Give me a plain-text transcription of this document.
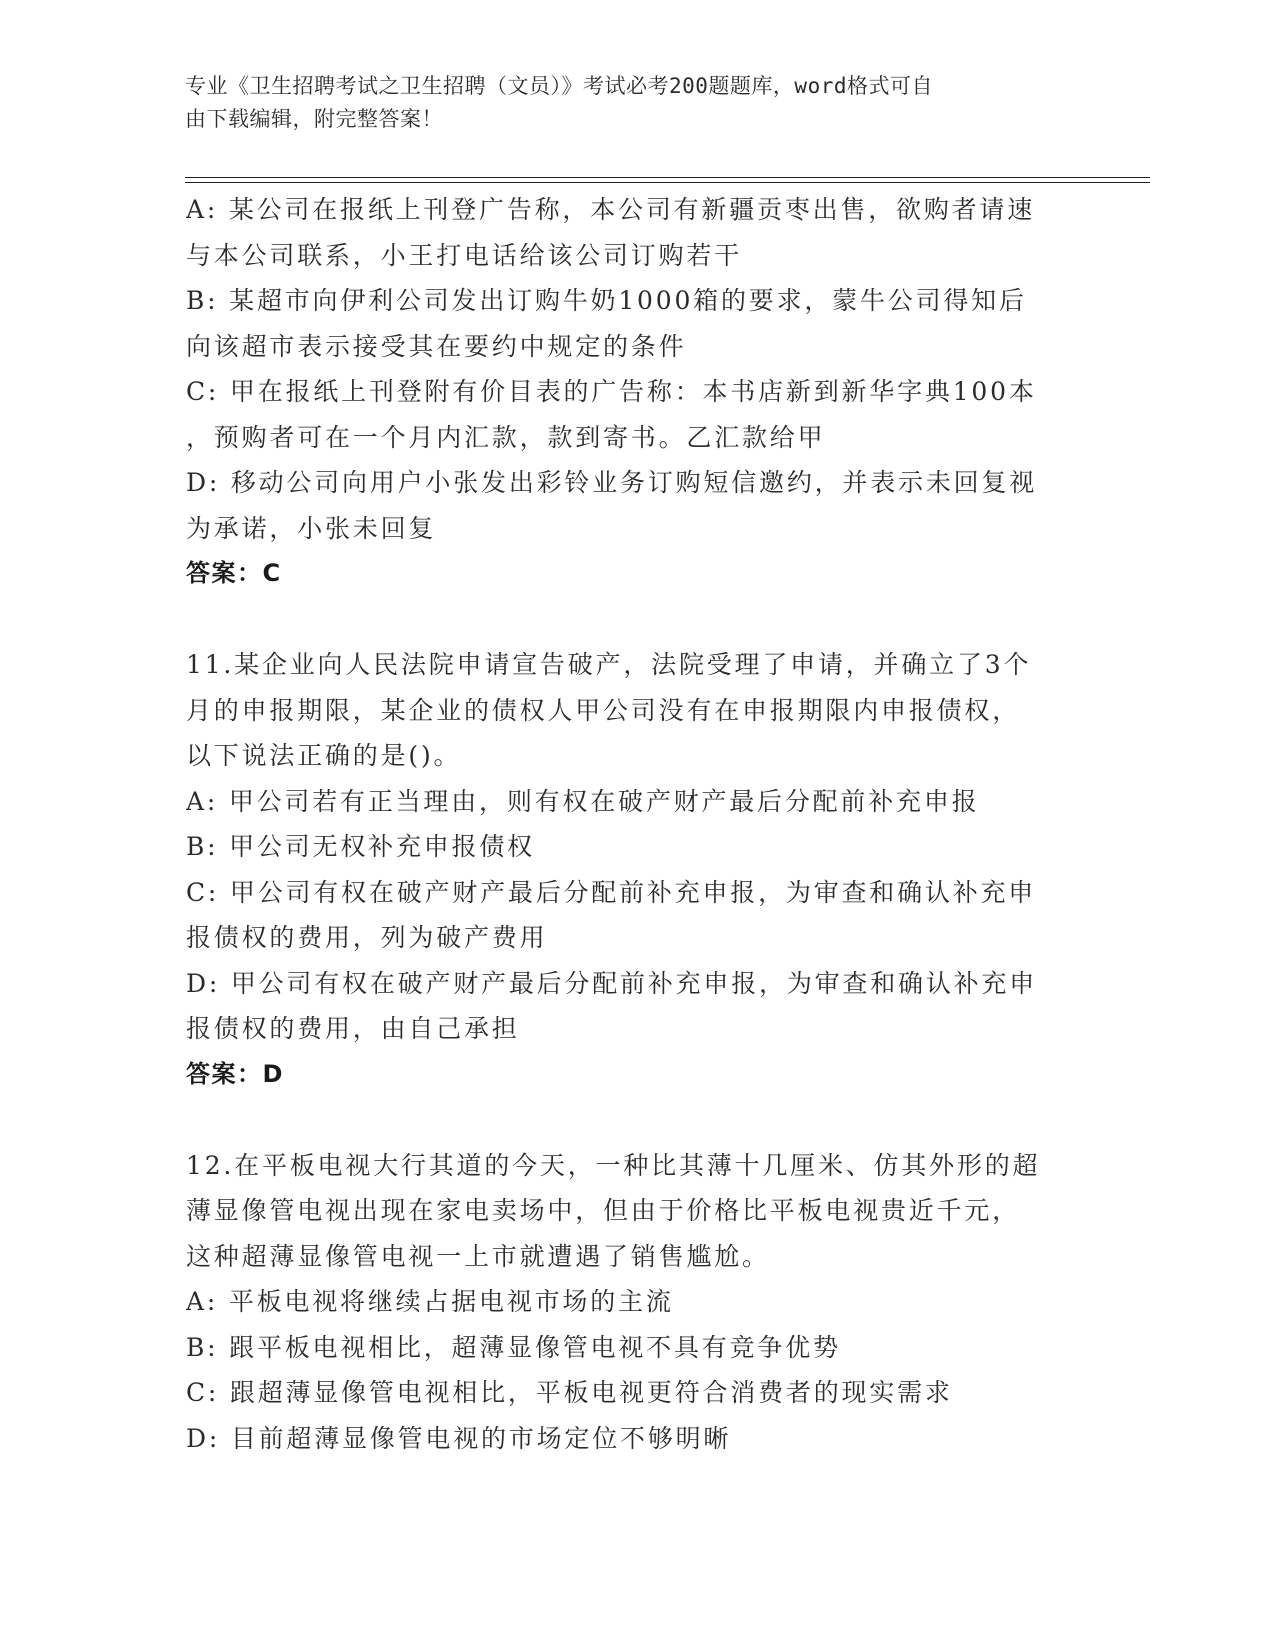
专业《卫生招聘考试之卫生招聘（文员）》考试必考200题题库，word格式可自
由下载编辑，附完整答案！
A: 某公司在报纸上刊登广告称，本公司有新疆贡枣出售，欲购者请速
与本公司联系，小王打电话给该公司订购若干
B: 某超市向伊利公司发出订购牛奶1000箱的要求，蒙牛公司得知后
向该超市表示接受其在要约中规定的条件
C: 甲在报纸上刊登附有价目表的广告称：本书店新到新华字典100本
，预购者可在一个月内汇款，款到寄书。乙汇款给甲
D: 移动公司向用户小张发出彩铃业务订购短信邀约，并表示未回复视
为承诺，小张未回复
答案：C
11.某企业向人民法院申请宣告破产，法院受理了申请，并确立了3个
月的申报期限，某企业的债权人甲公司没有在申报期限内申报债权，
以下说法正确的是()。
A: 甲公司若有正当理由，则有权在破产财产最后分配前补充申报
B: 甲公司无权补充申报债权
C: 甲公司有权在破产财产最后分配前补充申报，为审查和确认补充申
报债权的费用，列为破产费用
D: 甲公司有权在破产财产最后分配前补充申报，为审查和确认补充申
报债权的费用，由自己承担
答案：D
12.在平板电视大行其道的今天，一种比其薄十几厘米、仿其外形的超
薄显像管电视出现在家电卖场中，但由于价格比平板电视贵近千元，
这种超薄显像管电视一上市就遭遇了销售尴尬。
A: 平板电视将继续占据电视市场的主流
B: 跟平板电视相比，超薄显像管电视不具有竞争优势
C: 跟超薄显像管电视相比，平板电视更符合消费者的现实需求
D: 目前超薄显像管电视的市场定位不够明晰
